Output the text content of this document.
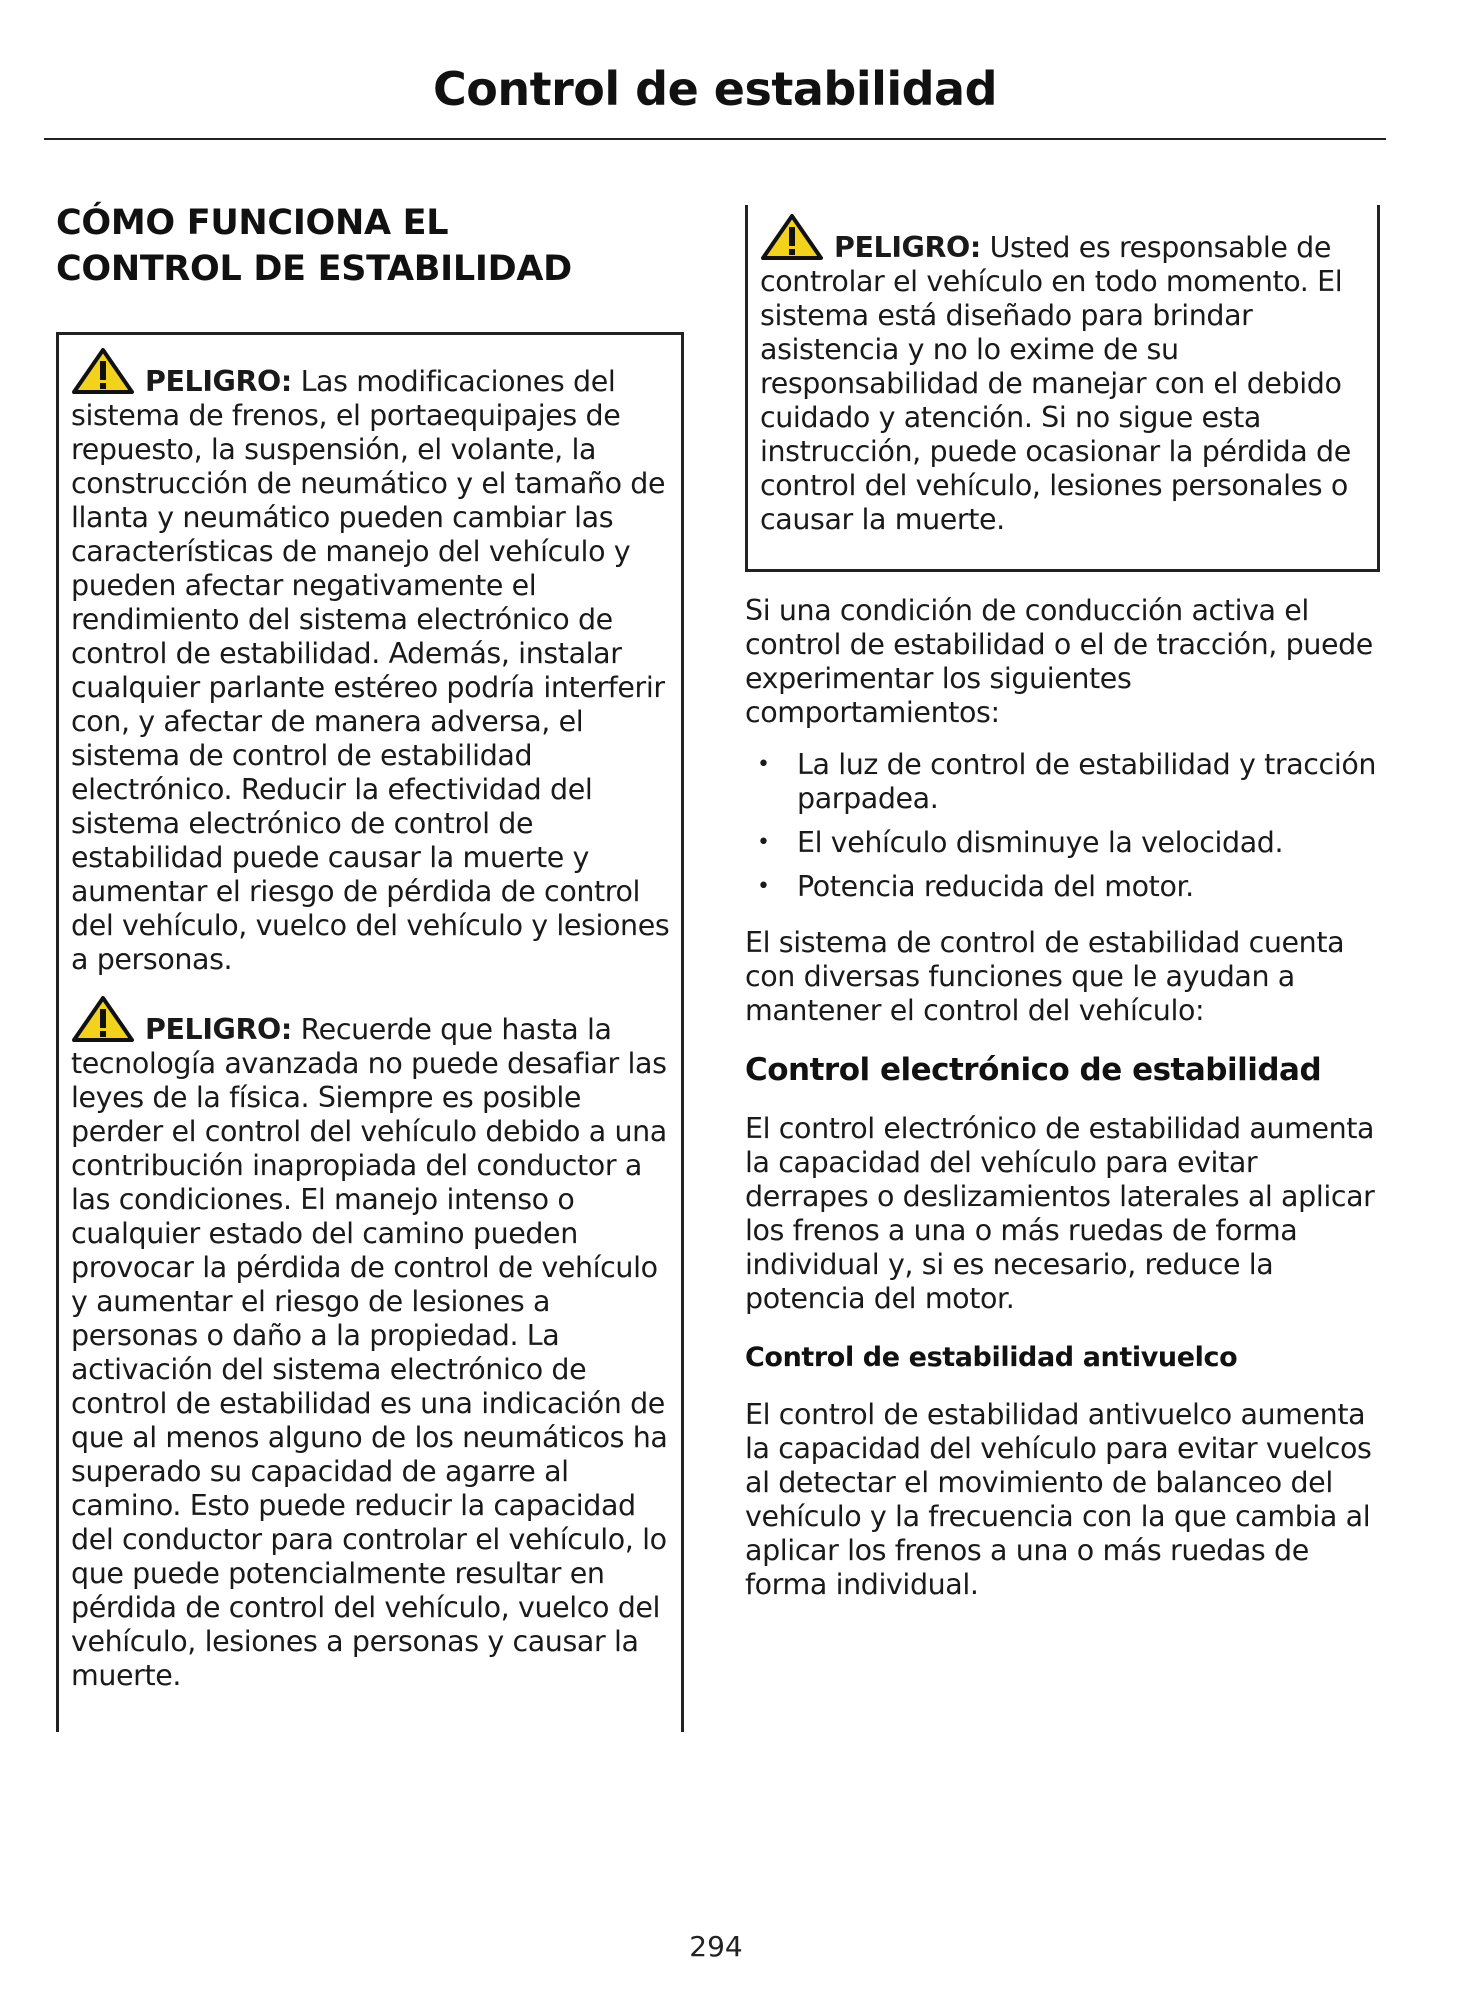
Control de estabilidad
CÓMO FUNCIONA EL
CONTROL DE ESTABILIDAD

PELIGRO: Las modificaciones del sistema de frenos, el portaequipajes de repuesto, la suspensión, el volante, la construcción de neumático y el tamaño de llanta y neumático pueden cambiar las características de manejo del vehículo y pueden afectar negativamente el rendimiento del sistema electrónico de control de estabilidad. Además, instalar cualquier parlante estéreo podría interferir con, y afectar de manera adversa, el sistema de control de estabilidad electrónico. Reducir la efectividad del sistema electrónico de control de estabilidad puede causar la muerte y aumentar el riesgo de pérdida de control del vehículo, vuelco del vehículo y lesiones a personas.

PELIGRO: Recuerde que hasta la tecnología avanzada no puede desafiar las leyes de la física. Siempre es posible perder el control del vehículo debido a una contribución inapropiada del conductor a las condiciones. El manejo intenso o cualquier estado del camino pueden provocar la pérdida de control de vehículo y aumentar el riesgo de lesiones a personas o daño a la propiedad. La activación del sistema electrónico de control de estabilidad es una indicación de que al menos alguno de los neumáticos ha superado su capacidad de agarre al camino. Esto puede reducir la capacidad del conductor para controlar el vehículo, lo que puede potencialmente resultar en pérdida de control del vehículo, vuelco del vehículo, lesiones a personas y causar la muerte.

PELIGRO: Usted es responsable de controlar el vehículo en todo momento. El sistema está diseñado para brindar asistencia y no lo exime de su responsabilidad de manejar con el debido cuidado y atención. Si no sigue esta instrucción, puede ocasionar la pérdida de control del vehículo, lesiones personales o causar la muerte.

Si una condición de conducción activa el control de estabilidad o el de tracción, puede experimentar los siguientes comportamientos:

• La luz de control de estabilidad y tracción parpadea.
• El vehículo disminuye la velocidad.
• Potencia reducida del motor.

El sistema de control de estabilidad cuenta con diversas funciones que le ayudan a mantener el control del vehículo:

Control electrónico de estabilidad

El control electrónico de estabilidad aumenta la capacidad del vehículo para evitar derrapes o deslizamientos laterales al aplicar los frenos a una o más ruedas de forma individual y, si es necesario, reduce la potencia del motor.

Control de estabilidad antivuelco

El control de estabilidad antivuelco aumenta la capacidad del vehículo para evitar vuelcos al detectar el movimiento de balanceo del vehículo y la frecuencia con la que cambia al aplicar los frenos a una o más ruedas de forma individual.

294
